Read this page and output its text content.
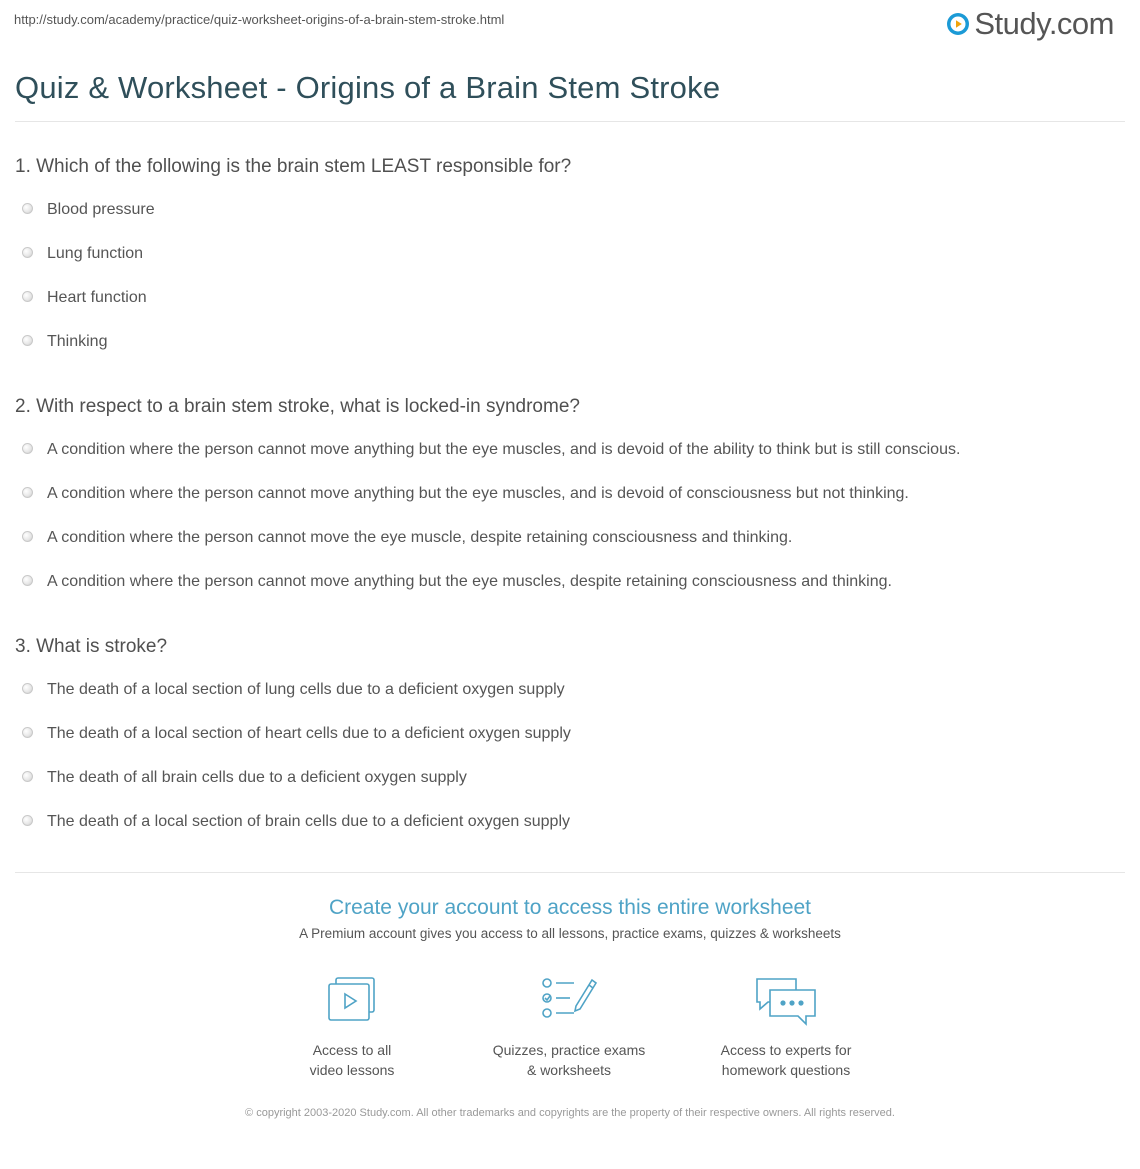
http://study.com/academy/practice/quiz-worksheet-origins-of-a-brain-stem-stroke.html	Study.com
Quiz & Worksheet - Origins of a Brain Stem Stroke
1. Which of the following is the brain stem LEAST responsible for?
Blood pressure
Lung function
Heart function
Thinking
2. With respect to a brain stem stroke, what is locked-in syndrome?
A condition where the person cannot move anything but the eye muscles, and is devoid of the ability to think but is still conscious.
A condition where the person cannot move anything but the eye muscles, and is devoid of consciousness but not thinking.
A condition where the person cannot move the eye muscle, despite retaining consciousness and thinking.
A condition where the person cannot move anything but the eye muscles, despite retaining consciousness and thinking.
3. What is stroke?
The death of a local section of lung cells due to a deficient oxygen supply
The death of a local section of heart cells due to a deficient oxygen supply
The death of all brain cells due to a deficient oxygen supply
The death of a local section of brain cells due to a deficient oxygen supply
Create your account to access this entire worksheet
A Premium account gives you access to all lessons, practice exams, quizzes & worksheets
Access to all
video lessons
Quizzes, practice exams
& worksheets
Access to experts for
homework questions
© copyright 2003-2020 Study.com. All other trademarks and copyrights are the property of their respective owners. All rights reserved.
